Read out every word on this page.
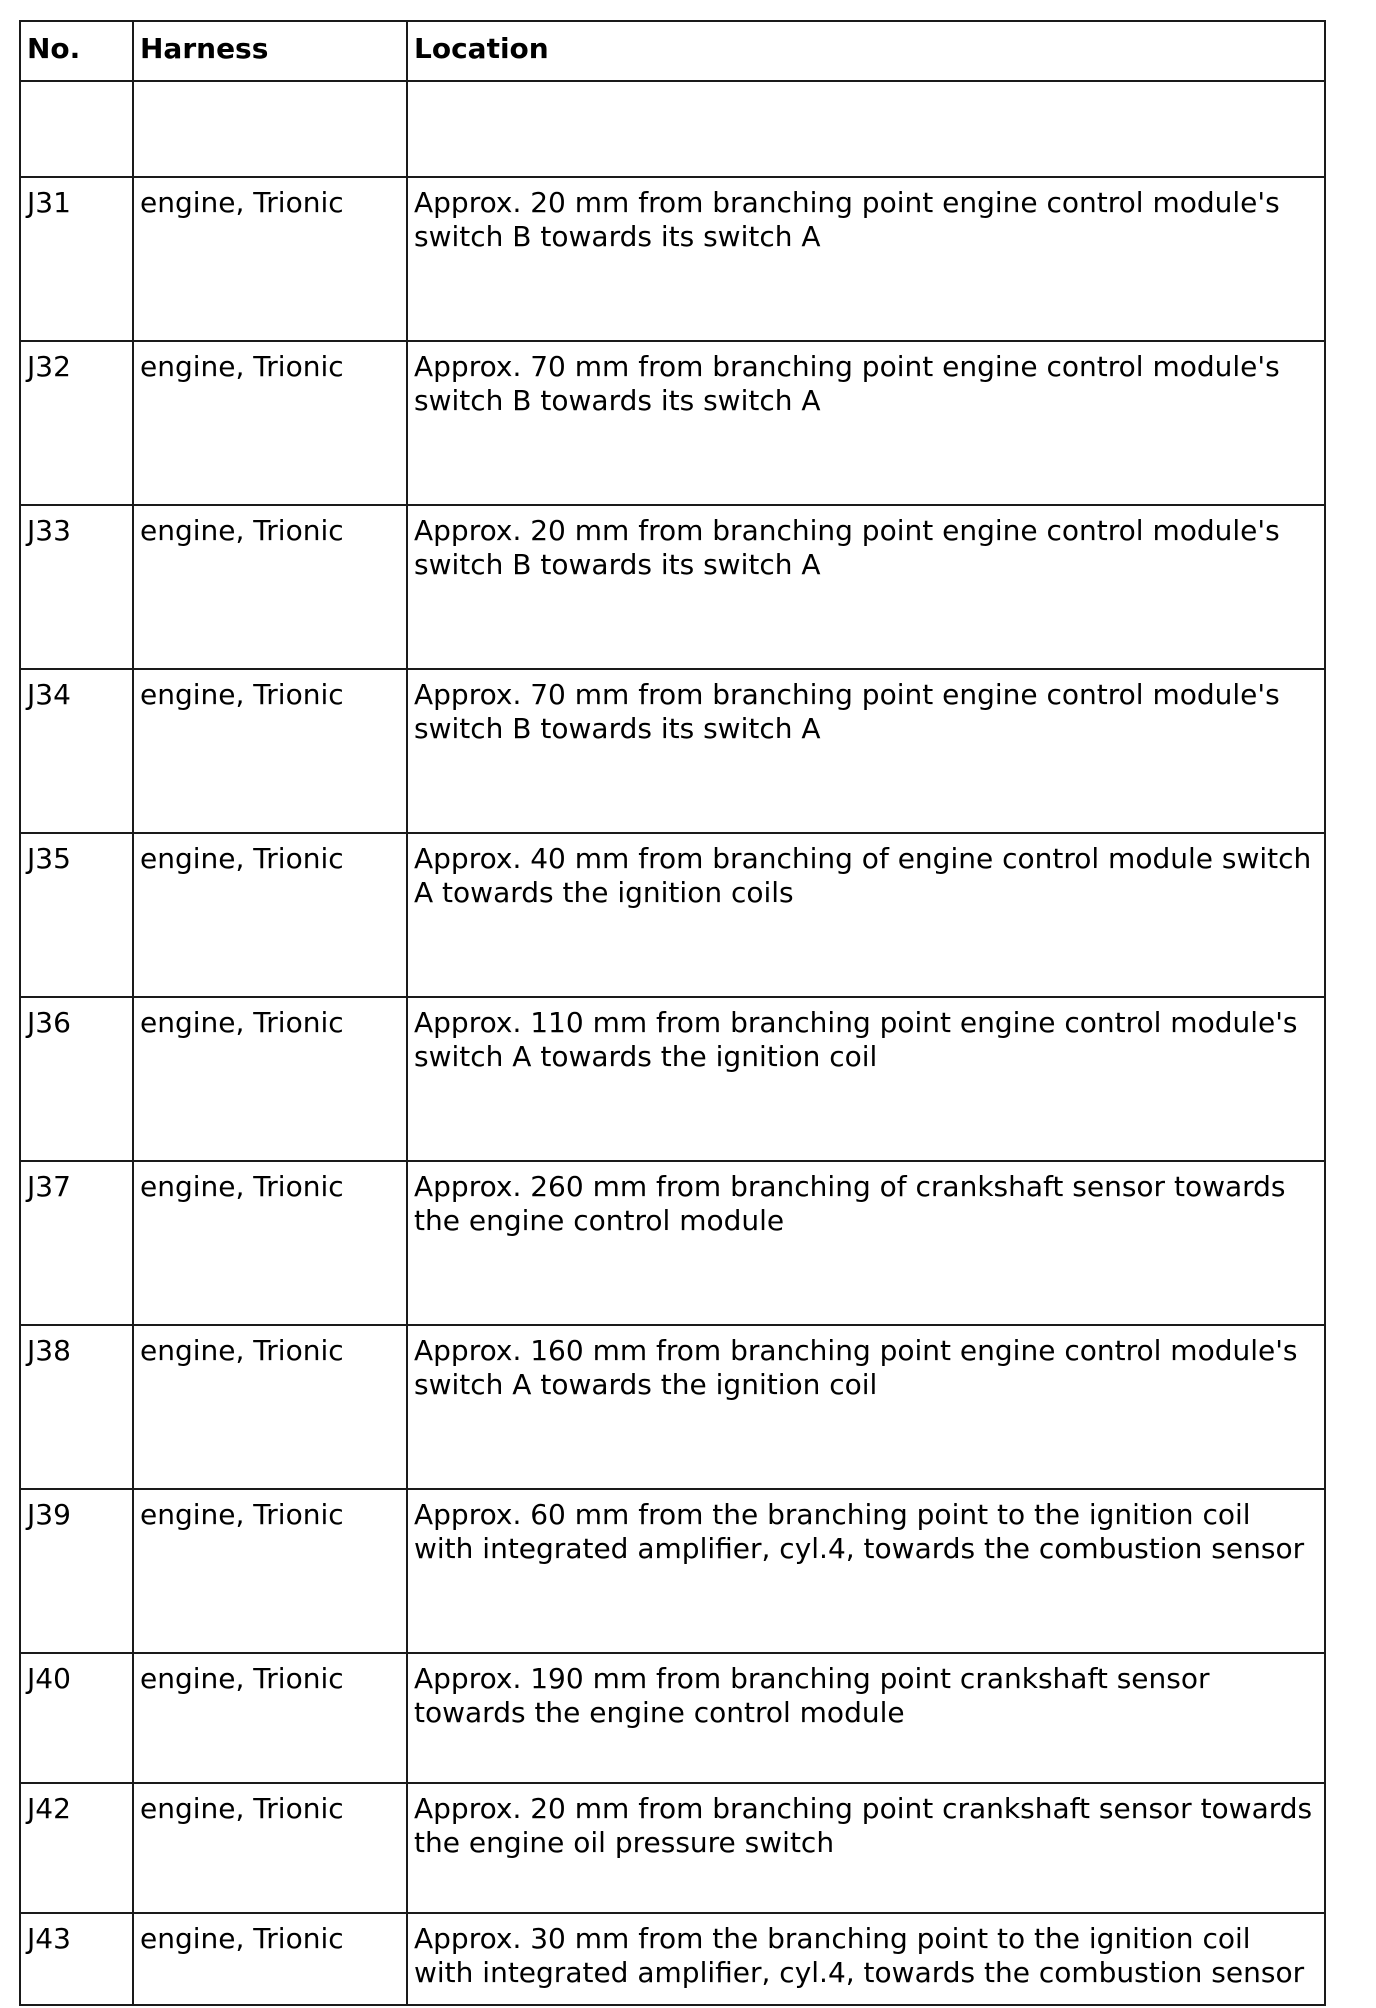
No.	Harness	Location

J31	engine, Trionic	Approx. 20 mm from branching point engine control module's switch B towards its switch A
J32	engine, Trionic	Approx. 70 mm from branching point engine control module's switch B towards its switch A
J33	engine, Trionic	Approx. 20 mm from branching point engine control module's switch B towards its switch A
J34	engine, Trionic	Approx. 70 mm from branching point engine control module's switch B towards its switch A
J35	engine, Trionic	Approx. 40 mm from branching of engine control module switch A towards the ignition coils
J36	engine, Trionic	Approx. 110 mm from branching point engine control module's switch A towards the ignition coil
J37	engine, Trionic	Approx. 260 mm from branching of crankshaft sensor towards the engine control module
J38	engine, Trionic	Approx. 160 mm from branching point engine control module's switch A towards the ignition coil
J39	engine, Trionic	Approx. 60 mm from the branching point to the ignition coil with integrated amplifier, cyl.4, towards the combustion sensor
J40	engine, Trionic	Approx. 190 mm from branching point crankshaft sensor towards the engine control module
J42	engine, Trionic	Approx. 20 mm from branching point crankshaft sensor towards the engine oil pressure switch
J43	engine, Trionic	Approx. 30 mm from the branching point to the ignition coil with integrated amplifier, cyl.4, towards the combustion sensor
